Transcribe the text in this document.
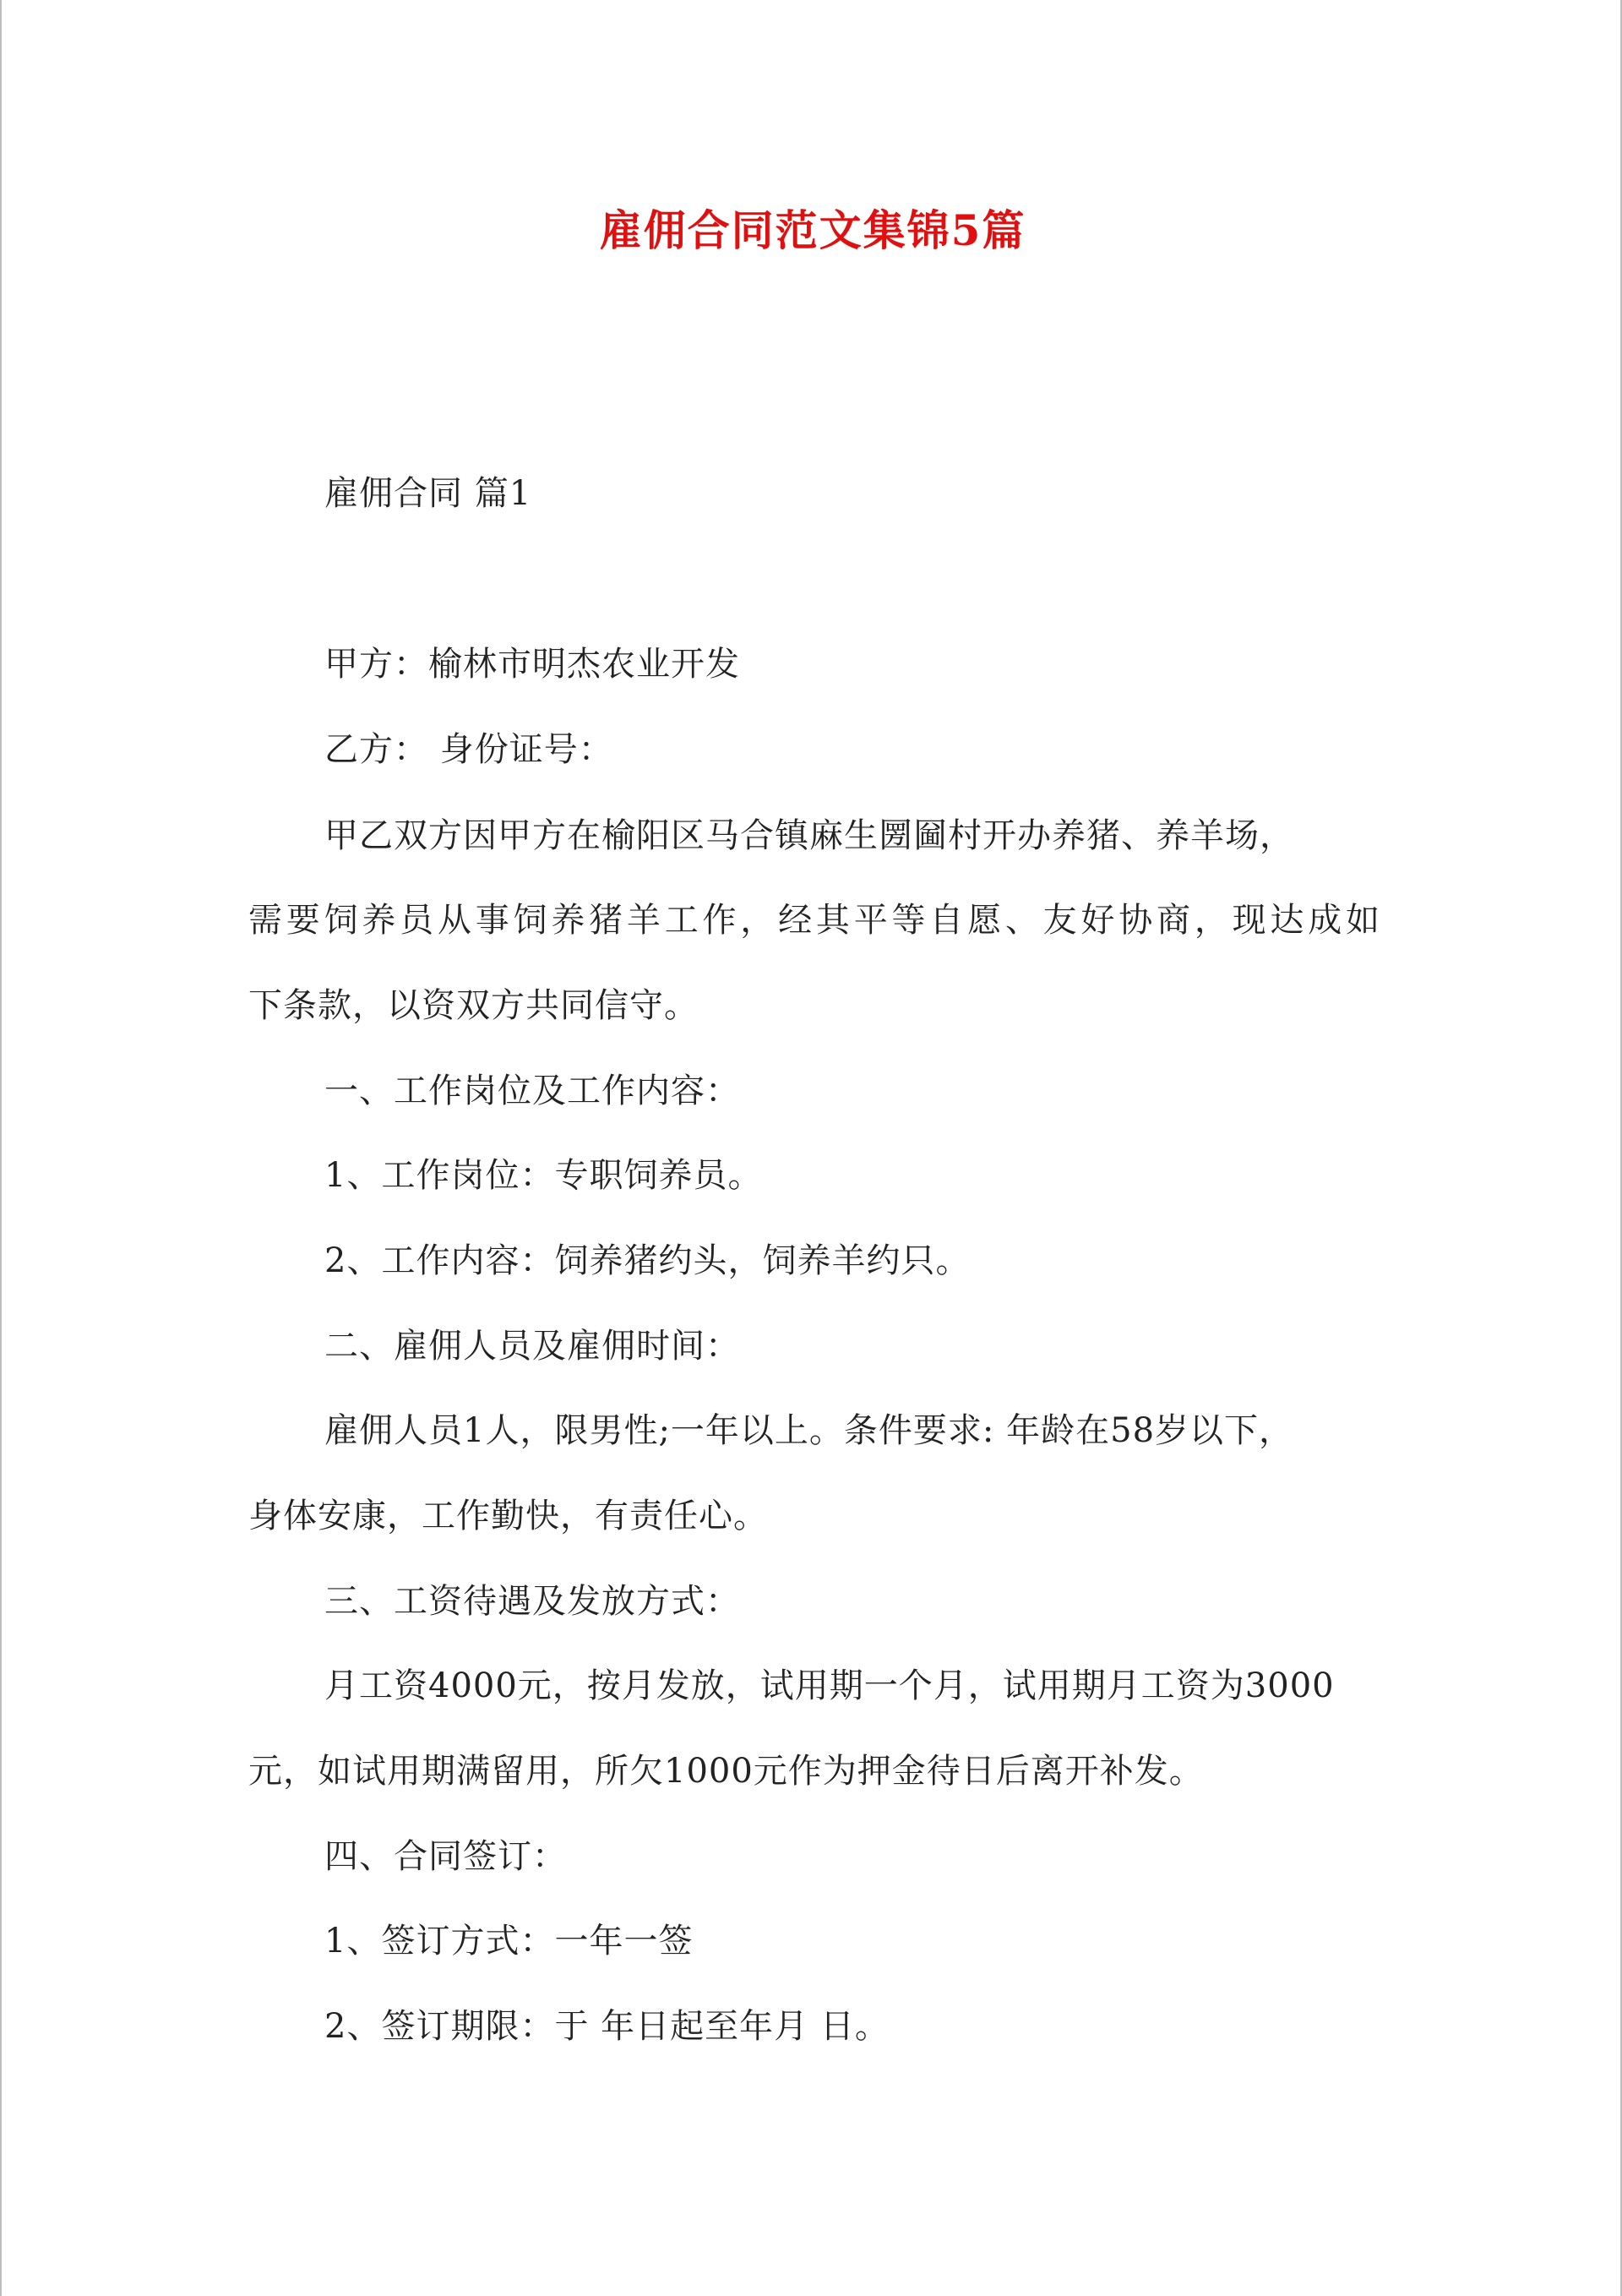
雇佣合同范文集锦5篇
雇佣合同 篇1
甲方：榆林市明杰农业开发
乙方： 身份证号：
甲乙双方因甲方在榆阳区马合镇麻生圐圙村开办养猪、养羊场，
需要饲养员从事饲养猪羊工作，经其平等自愿、友好协商，现达成如
下条款，以资双方共同信守。
一、工作岗位及工作内容：
1、工作岗位：专职饲养员。
2、工作内容：饲养猪约头，饲养羊约只。
二、雇佣人员及雇佣时间：
雇佣人员1人，限男性;一年以上。条件要求: 年龄在58岁以下，
身体安康，工作勤快，有责任心。
三、工资待遇及发放方式：
月工资4000元，按月发放，试用期一个月，试用期月工资为3000
元，如试用期满留用，所欠1000元作为押金待日后离开补发。
四、合同签订：
1、签订方式：一年一签
2、签订期限：于 年日起至年月 日。
